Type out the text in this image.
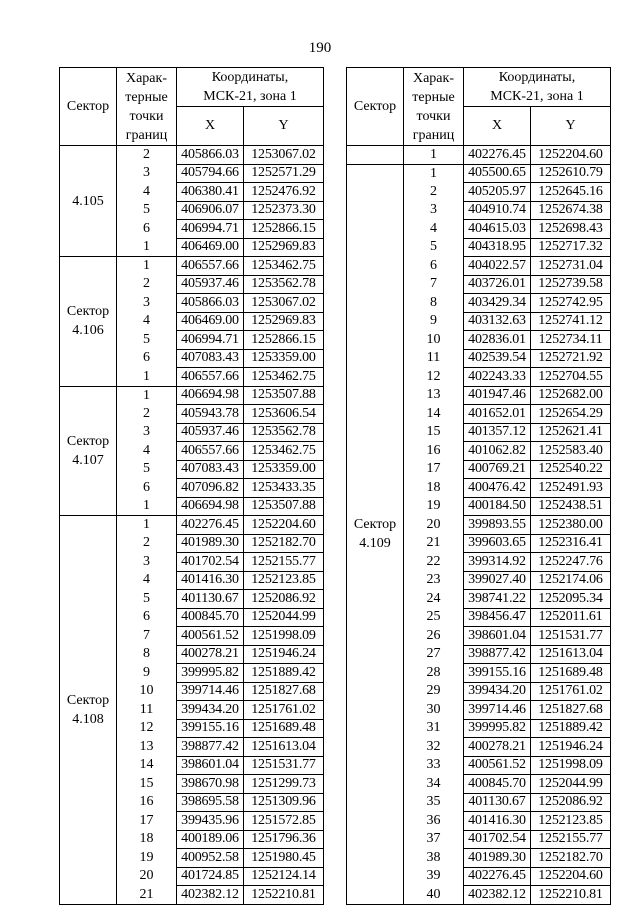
190
Сектор	Харак-
терные
точки
границ	Координаты,
МСК-21, зона 1	
		X	Y
4.105	2	405866.03	1253067.02
	3	405794.66	1252571.29
	4	406380.41	1252476.92
	5	406906.07	1252373.30
	6	406994.71	1252866.15
	1	406469.00	1252969.83
Сектор
4.106	1	406557.66	1253462.75
	2	405937.46	1253562.78
	3	405866.03	1253067.02
	4	406469.00	1252969.83
	5	406994.71	1252866.15
	6	407083.43	1253359.00
	1	406557.66	1253462.75
Сектор
4.107	1	406694.98	1253507.88
	2	405943.78	1253606.54
	3	405937.46	1253562.78
	4	406557.66	1253462.75
	5	407083.43	1253359.00
	6	407096.82	1253433.35
	1	406694.98	1253507.88
Сектор
4.108	1	402276.45	1252204.60
	2	401989.30	1252182.70
	3	401702.54	1252155.77
	4	401416.30	1252123.85
	5	401130.67	1252086.92
	6	400845.70	1252044.99
	7	400561.52	1251998.09
	8	400278.21	1251946.24
	9	399995.82	1251889.42
	10	399714.46	1251827.68
	11	399434.20	1251761.02
	12	399155.16	1251689.48
	13	398877.42	1251613.04
	14	398601.04	1251531.77
	15	398670.98	1251299.73
	16	398695.58	1251309.96
	17	399435.96	1251572.85
	18	400189.06	1251796.36
	19	400952.58	1251980.45
	20	401724.85	1252124.14
	21	402382.12	1252210.81
Сектор	Харак-
терные
точки
границ	Координаты,
МСК-21, зона 1	
		X	Y
	1	402276.45	1252204.60
Сектор
4.109	1	405500.65	1252610.79
	2	405205.97	1252645.16
	3	404910.74	1252674.38
	4	404615.03	1252698.43
	5	404318.95	1252717.32
	6	404022.57	1252731.04
	7	403726.01	1252739.58
	8	403429.34	1252742.95
	9	403132.63	1252741.12
	10	402836.01	1252734.11
	11	402539.54	1252721.92
	12	402243.33	1252704.55
	13	401947.46	1252682.00
	14	401652.01	1252654.29
	15	401357.12	1252621.41
	16	401062.82	1252583.40
	17	400769.21	1252540.22
	18	400476.42	1252491.93
	19	400184.50	1252438.51
	20	399893.55	1252380.00
	21	399603.65	1252316.41
	22	399314.92	1252247.76
	23	399027.40	1252174.06
	24	398741.22	1252095.34
	25	398456.47	1252011.61
	26	398601.04	1251531.77
	27	398877.42	1251613.04
	28	399155.16	1251689.48
	29	399434.20	1251761.02
	30	399714.46	1251827.68
	31	399995.82	1251889.42
	32	400278.21	1251946.24
	33	400561.52	1251998.09
	34	400845.70	1252044.99
	35	401130.67	1252086.92
	36	401416.30	1252123.85
	37	401702.54	1252155.77
	38	401989.30	1252182.70
	39	402276.45	1252204.60
	40	402382.12	1252210.81
